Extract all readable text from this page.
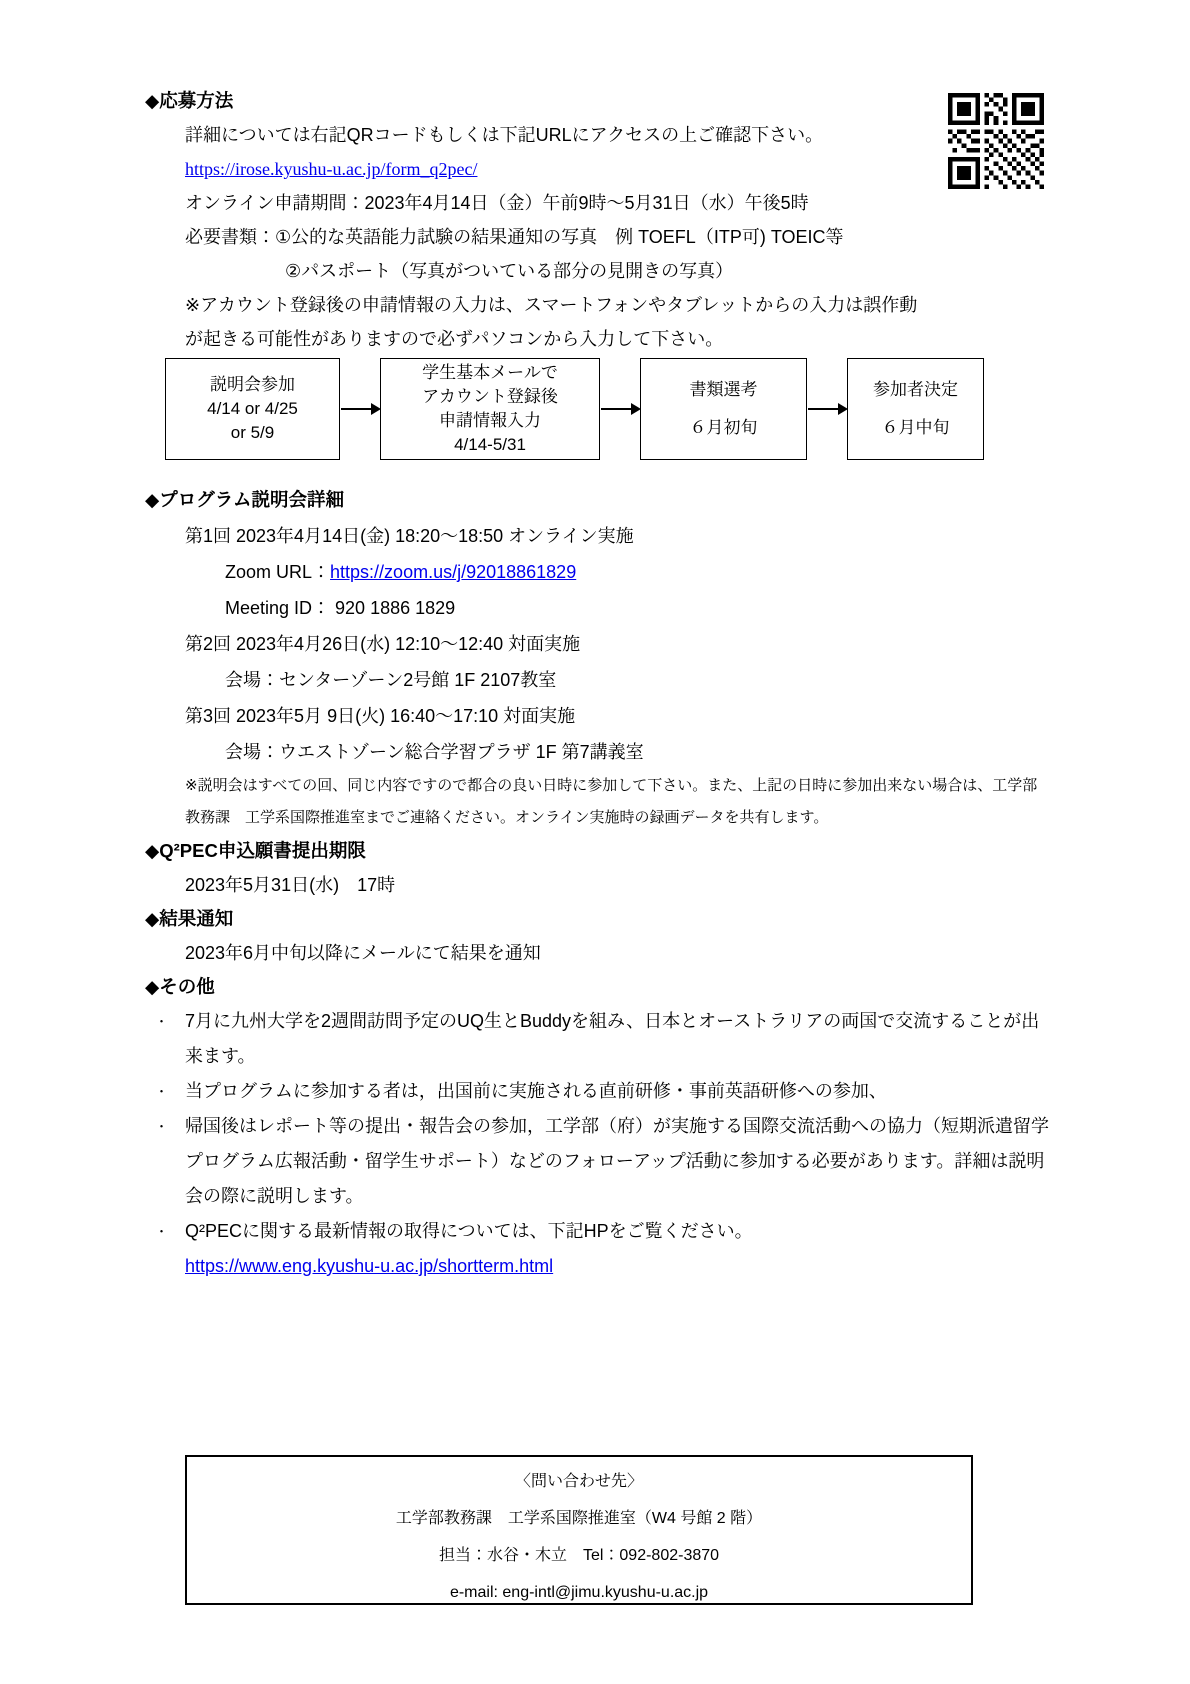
◆応募方法
詳細については右記QRコードもしくは下記URLにアクセスの上ご確認下さい。
https://irose.kyushu-u.ac.jp/form_q2pec/
オンライン申請期間：2023年4月14日（金）午前9時～5月31日（水）午後5時
必要書類：①公的な英語能力試験の結果通知の写真　例 TOEFL（ITP可) TOEIC等
②パスポート（写真がついている部分の見開きの写真）
※アカウント登録後の申請情報の入力は、スマートフォンやタブレットからの入力は誤作動
が起きる可能性がありますので必ずパソコンから入力して下さい。
説明会参加
4/14 or 4/25
or 5/9
学生基本メールで
アカウント登録後
申請情報入力
4/14-5/31
書類選考
６月初旬
参加者決定
６月中旬
◆プログラム説明会詳細
第1回 2023年4月14日(金) 18:20～18:50 オンライン実施
Zoom URL：https://zoom.us/j/92018861829
Meeting ID： 920 1886 1829
第2回 2023年4月26日(水) 12:10～12:40 対面実施
会場：センターゾーン2号館 1F 2107教室
第3回 2023年5月 9日(火) 16:40～17:10 対面実施
会場：ウエストゾーン総合学習プラザ 1F 第7講義室
※説明会はすべての回、同じ内容ですので都合の良い日時に参加して下さい。また、上記の日時に参加出来ない場合は、工学部教務課　工学系国際推進室までご連絡ください。オンライン実施時の録画データを共有します。
◆Q²PEC申込願書提出期限
2023年5月31日(水)　17時
◆結果通知
2023年6月中旬以降にメールにて結果を通知
◆その他
・ 7月に九州大学を2週間訪問予定のUQ生とBuddyを組み、日本とオーストラリアの両国で交流することが出来ます。
・ 当プログラムに参加する者は，出国前に実施される直前研修・事前英語研修への参加、
・ 帰国後はレポート等の提出・報告会の参加，工学部（府）が実施する国際交流活動への協力（短期派遣留学プログラム広報活動・留学生サポート）などのフォローアップ活動に参加する必要があります。詳細は説明会の際に説明します。
・ Q²PECに関する最新情報の取得については、下記HPをご覧ください。
https://www.eng.kyushu-u.ac.jp/shortterm.html
〈問い合わせ先〉
工学部教務課　工学系国際推進室（W4 号館 2 階）
担当：水谷・木立　Tel：092-802-3870
e-mail: eng-intl@jimu.kyushu-u.ac.jp
